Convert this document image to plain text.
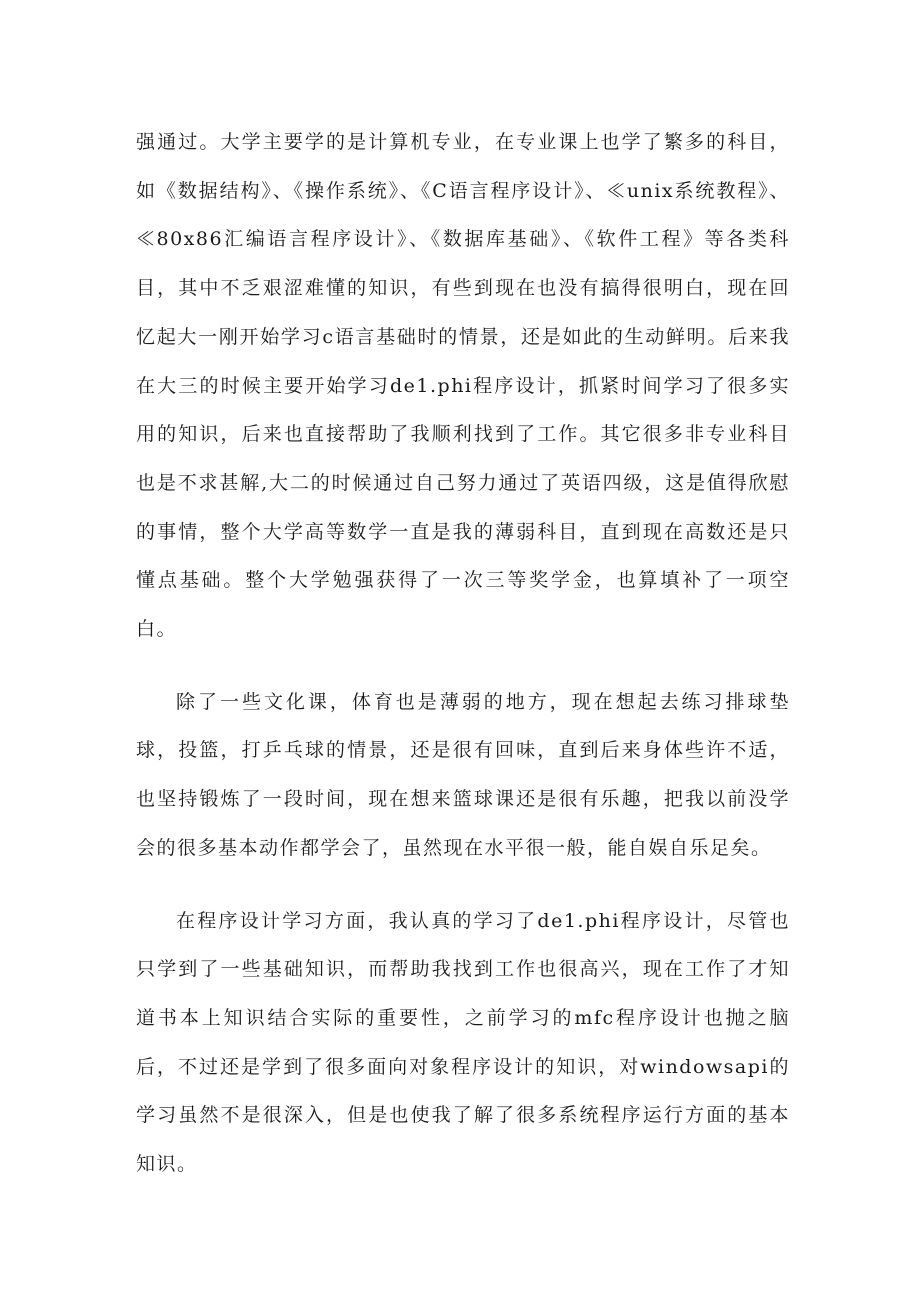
强通过。大学主要学的是计算机专业，在专业课上也学了繁多的科目，如《数据结构》、《操作系统》、《C语言程序设计》、≪unix系统教程》、≪80x86汇编语言程序设计》、《数据库基础》、《软件工程》等各类科目，其中不乏艰涩难懂的知识，有些到现在也没有搞得很明白，现在回忆起大一刚开始学习c语言基础时的情景，还是如此的生动鲜明。后来我在大三的时候主要开始学习de1.phi程序设计，抓紧时间学习了很多实用的知识，后来也直接帮助了我顺利找到了工作。其它很多非专业科目也是不求甚解,大二的时候通过自己努力通过了英语四级，这是值得欣慰的事情，整个大学高等数学一直是我的薄弱科目，直到现在高数还是只懂点基础。整个大学勉强获得了一次三等奖学金，也算填补了一项空白。

除了一些文化课，体育也是薄弱的地方，现在想起去练习排球垫球，投篮，打乒乓球的情景，还是很有回味，直到后来身体些许不适，也坚持锻炼了一段时间，现在想来篮球课还是很有乐趣，把我以前没学会的很多基本动作都学会了，虽然现在水平很一般，能自娱自乐足矣。

在程序设计学习方面，我认真的学习了de1.phi程序设计，尽管也只学到了一些基础知识，而帮助我找到工作也很高兴，现在工作了才知道书本上知识结合实际的重要性，之前学习的mfc程序设计也抛之脑后，不过还是学到了很多面向对象程序设计的知识，对windowsapi的学习虽然不是很深入，但是也使我了解了很多系统程序运行方面的基本知识。
